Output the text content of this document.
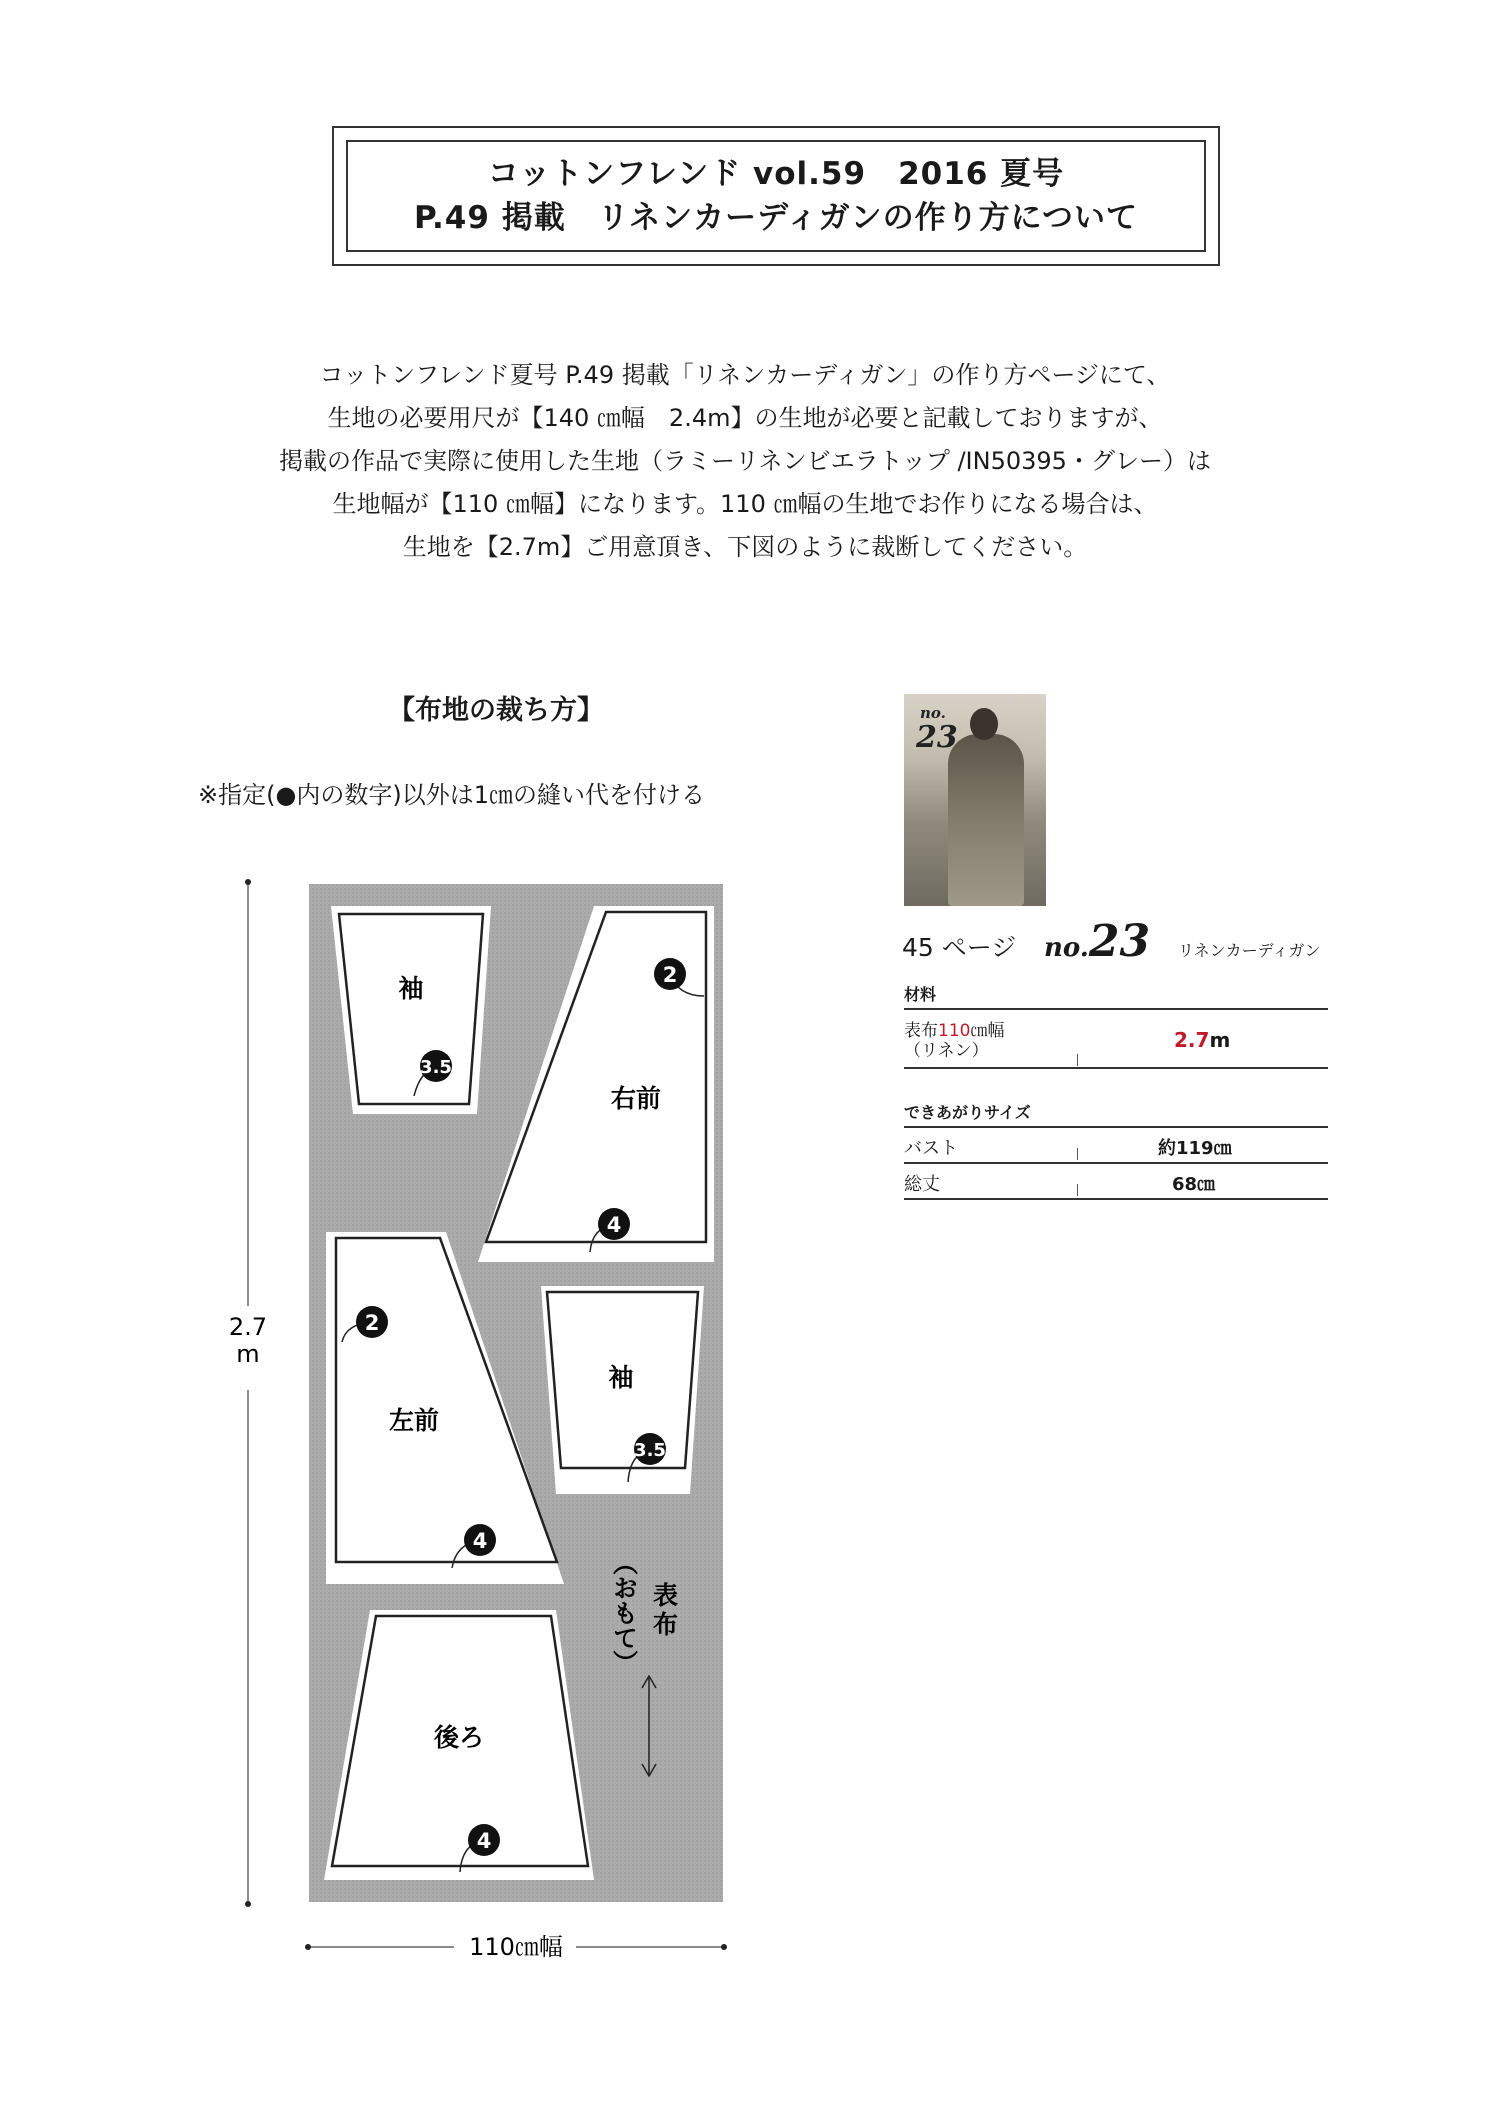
コットンフレンド vol.59　2016 夏号
P.49 掲載　リネンカーディガンの作り方について
コットンフレンド夏号 P.49 掲載「リネンカーディガン」の作り方ページにて、
生地の必要用尺が【140 ㎝幅　2.4m】の生地が必要と記載しておりますが、
掲載の作品で実際に使用した生地（ラミーリネンビエラトップ /IN50395・グレー）は
生地幅が【110 ㎝幅】になります。110 ㎝幅の生地でお作りになる場合は、
生地を【2.7m】ご用意頂き、下図のように裁断してください。
【布地の裁ち方】
※指定(●内の数字)以外は1㎝の縫い代を付ける
袖
右前
袖
左前
後ろ
3.5
2
4
2
3.5
4
4
表布
（おもて）
2.7
m
110㎝幅
no.
23
45 ページ no.23 リネンカーディガン
材料
表布110㎝幅
（リネン）	2.7m
できあがりサイズ
バスト	約119㎝
総丈	68㎝
